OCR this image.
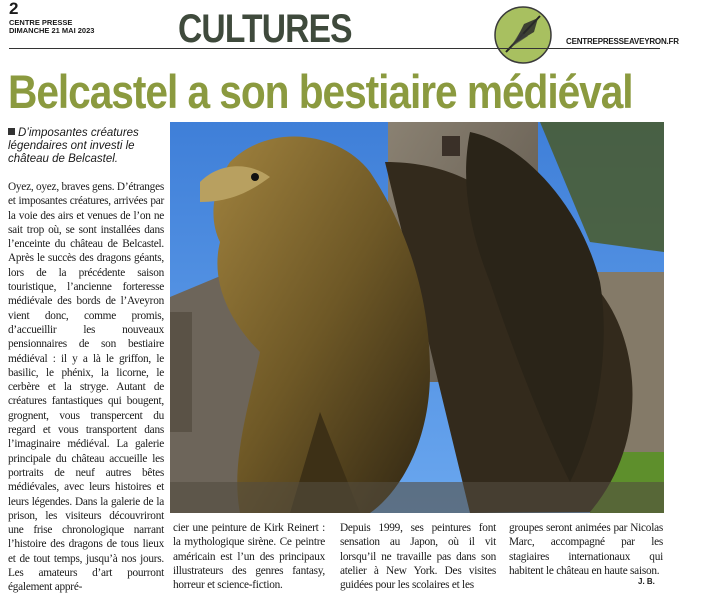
2
CENTRE PRESSE
DIMANCHE 21 MAI 2023 CULTURES	CENTREPRESSEAVEYRON.FR
Belcastel a son bestiaire médiéval
D’imposantes créatures légendaires ont investi le château de Belcastel.
Oyez, oyez, braves gens. D’étranges et imposantes créatures, arrivées par la voie des airs et venues de l’on ne sait trop où, se sont installées dans l’enceinte du château de Belcastel. Après le succès des dragons géants, lors de la précédente saison touristique, l’ancienne forteresse médiévale des bords de l’Aveyron vient donc, comme promis, d’accueillir les nouveaux pensionnaires de son bestiaire médiéval : il y a là le griffon, le basilic, le phénix, la licorne, le cerbère et la stryge. Autant de créatures fantastiques qui bougent, grognent, vous transpercent du regard et vous transportent dans l’imaginaire médiéval. La galerie principale du château accueille les portraits de neuf autres bêtes médiévales, avec leurs histoires et leurs légendes. Dans la galerie de la prison, les visiteurs découvriront une frise chronologique narrant l’histoire des dragons de tous lieux et de tout temps, jusqu’à nos jours. Les amateurs d’art pourront également appré-
cier une peinture de Kirk Reinert : la mythologique sirène. Ce peintre américain est l’un des principaux illustrateurs des genres fantasy, horreur et science-fiction.
Depuis 1999, ses peintures font sensation au Japon, où il vit lorsqu’il ne travaille pas dans son atelier à New York. Des visites guidées pour les scolaires et les
groupes seront animées par Nicolas Marc, accompagné par les stagiaires internationaux qui habitent le château en haute saison.
J. B.
